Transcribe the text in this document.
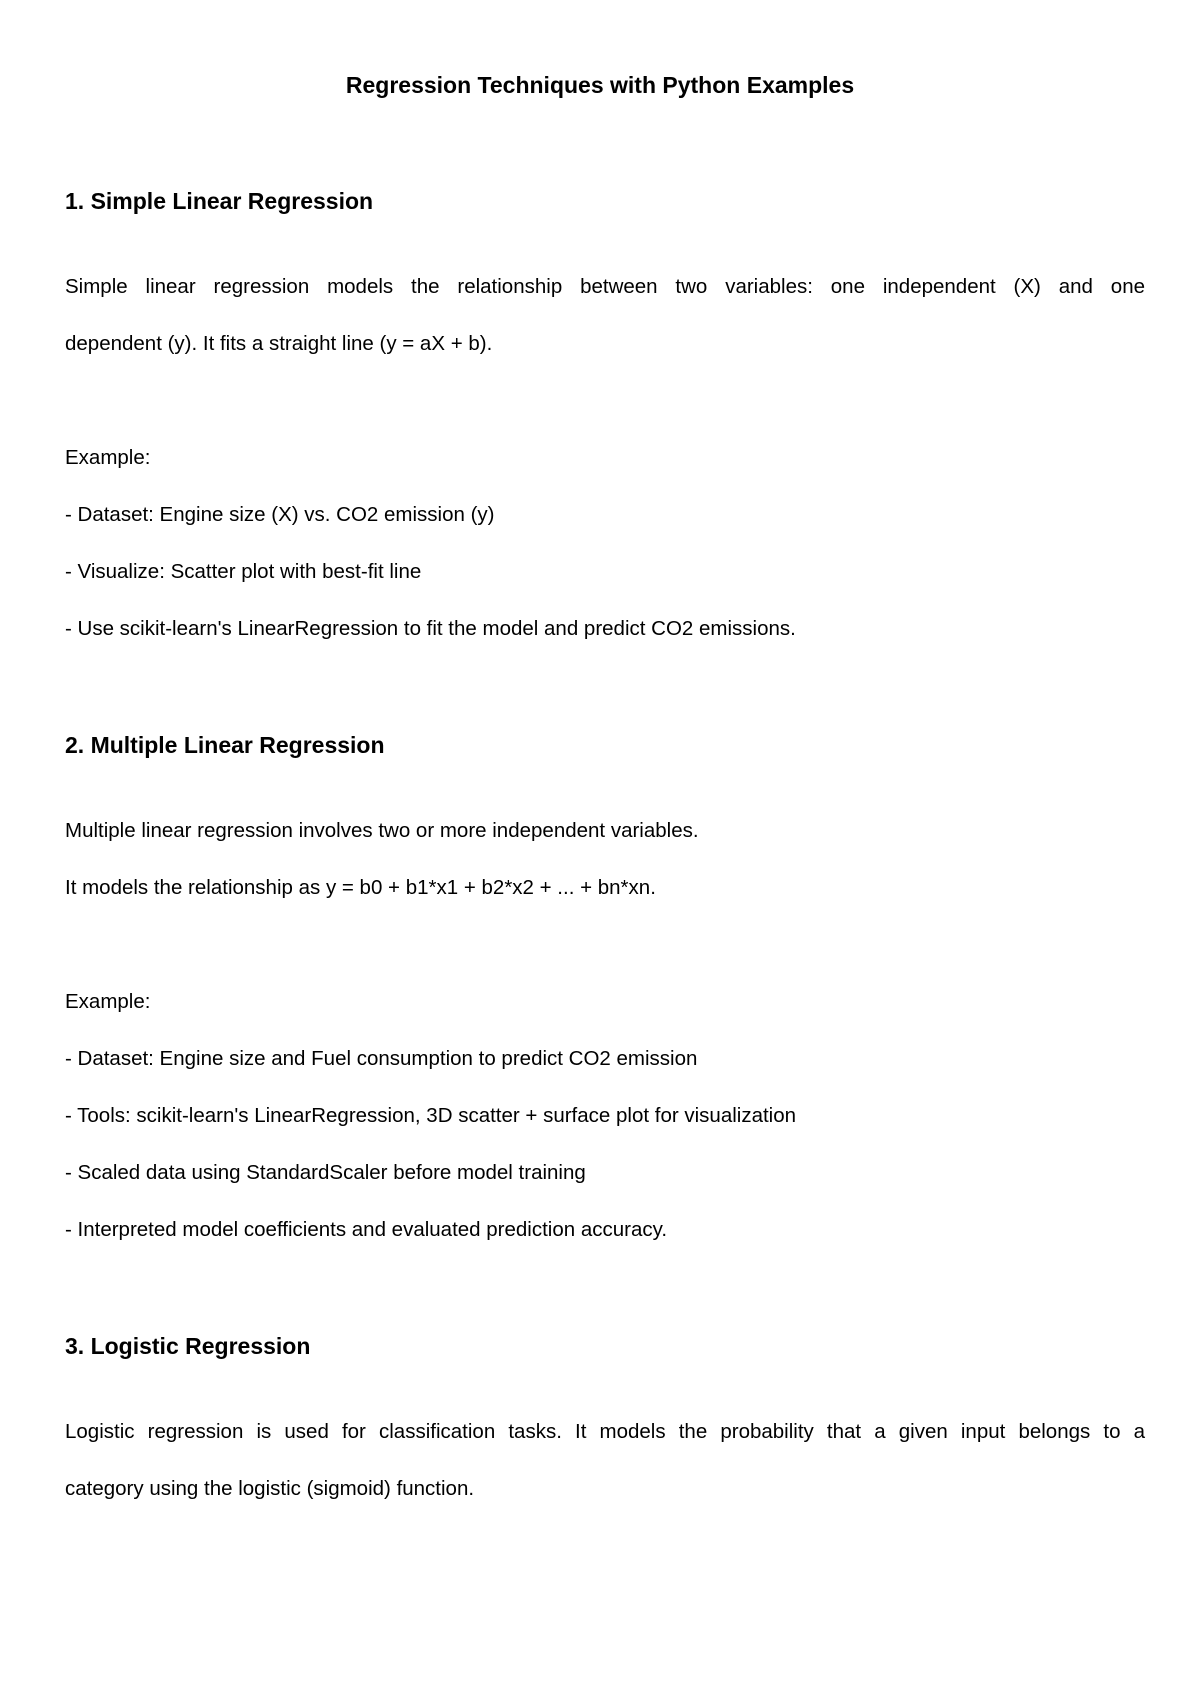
Regression Techniques with Python Examples
1. Simple Linear Regression

Simple linear regression models the relationship between two variables: one independent (X) and one

dependent (y). It fits a straight line (y = aX + b).

Example:

- Dataset: Engine size (X) vs. CO2 emission (y)

- Visualize: Scatter plot with best-fit line

- Use scikit-learn's LinearRegression to fit the model and predict CO2 emissions.

2. Multiple Linear Regression

Multiple linear regression involves two or more independent variables.

It models the relationship as y = b0 + b1*x1 + b2*x2 + ... + bn*xn.

Example:

- Dataset: Engine size and Fuel consumption to predict CO2 emission

- Tools: scikit-learn's LinearRegression, 3D scatter + surface plot for visualization

- Scaled data using StandardScaler before model training

- Interpreted model coefficients and evaluated prediction accuracy.

3. Logistic Regression

Logistic regression is used for classification tasks. It models the probability that a given input belongs to a

category using the logistic (sigmoid) function.
